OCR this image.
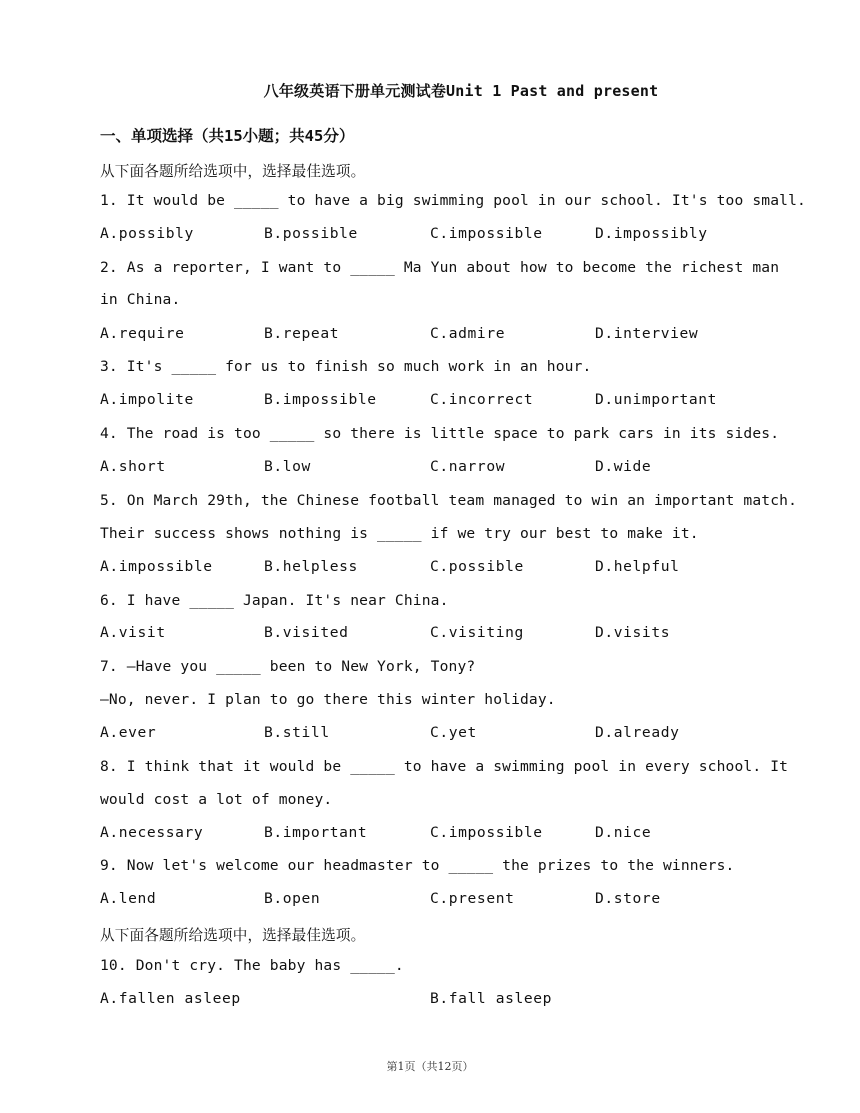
八年级英语下册单元测试卷Unit 1 Past and present
一、单项选择（共15小题；共45分）
从下面各题所给选项中，选择最佳选项。
1. It would be _____ to have a big swimming pool in our school. It's too small.
A.possibly	B.possible	C.impossible	D.impossibly
2. As a reporter, I want to _____ Ma Yun about how to become the richest man
in China.
A.require	B.repeat	C.admire	D.interview
3. It's _____ for us to finish so much work in an hour.
A.impolite	B.impossible	C.incorrect	D.unimportant
4. The road is too _____ so there is little space to park cars in its sides.
A.short	B.low	C.narrow	D.wide
5. On March 29th, the Chinese football team managed to win an important match.
Their success shows nothing is _____ if we try our best to make it.
A.impossible	B.helpless	C.possible	D.helpful
6. I have _____ Japan. It's near China.
A.visit	B.visited	C.visiting	D.visits
7. —Have you _____ been to New York, Tony?
—No, never. I plan to go there this winter holiday.
A.ever	B.still	C.yet	D.already
8. I think that it would be _____ to have a swimming pool in every school. It
would cost a lot of money.
A.necessary	B.important	C.impossible	D.nice
9. Now let's welcome our headmaster to _____ the prizes to the winners.
A.lend	B.open	C.present	D.store
从下面各题所给选项中，选择最佳选项。
10. Don't cry. The baby has _____.
A.fallen asleep	B.fall asleep
第1页（共12页）
